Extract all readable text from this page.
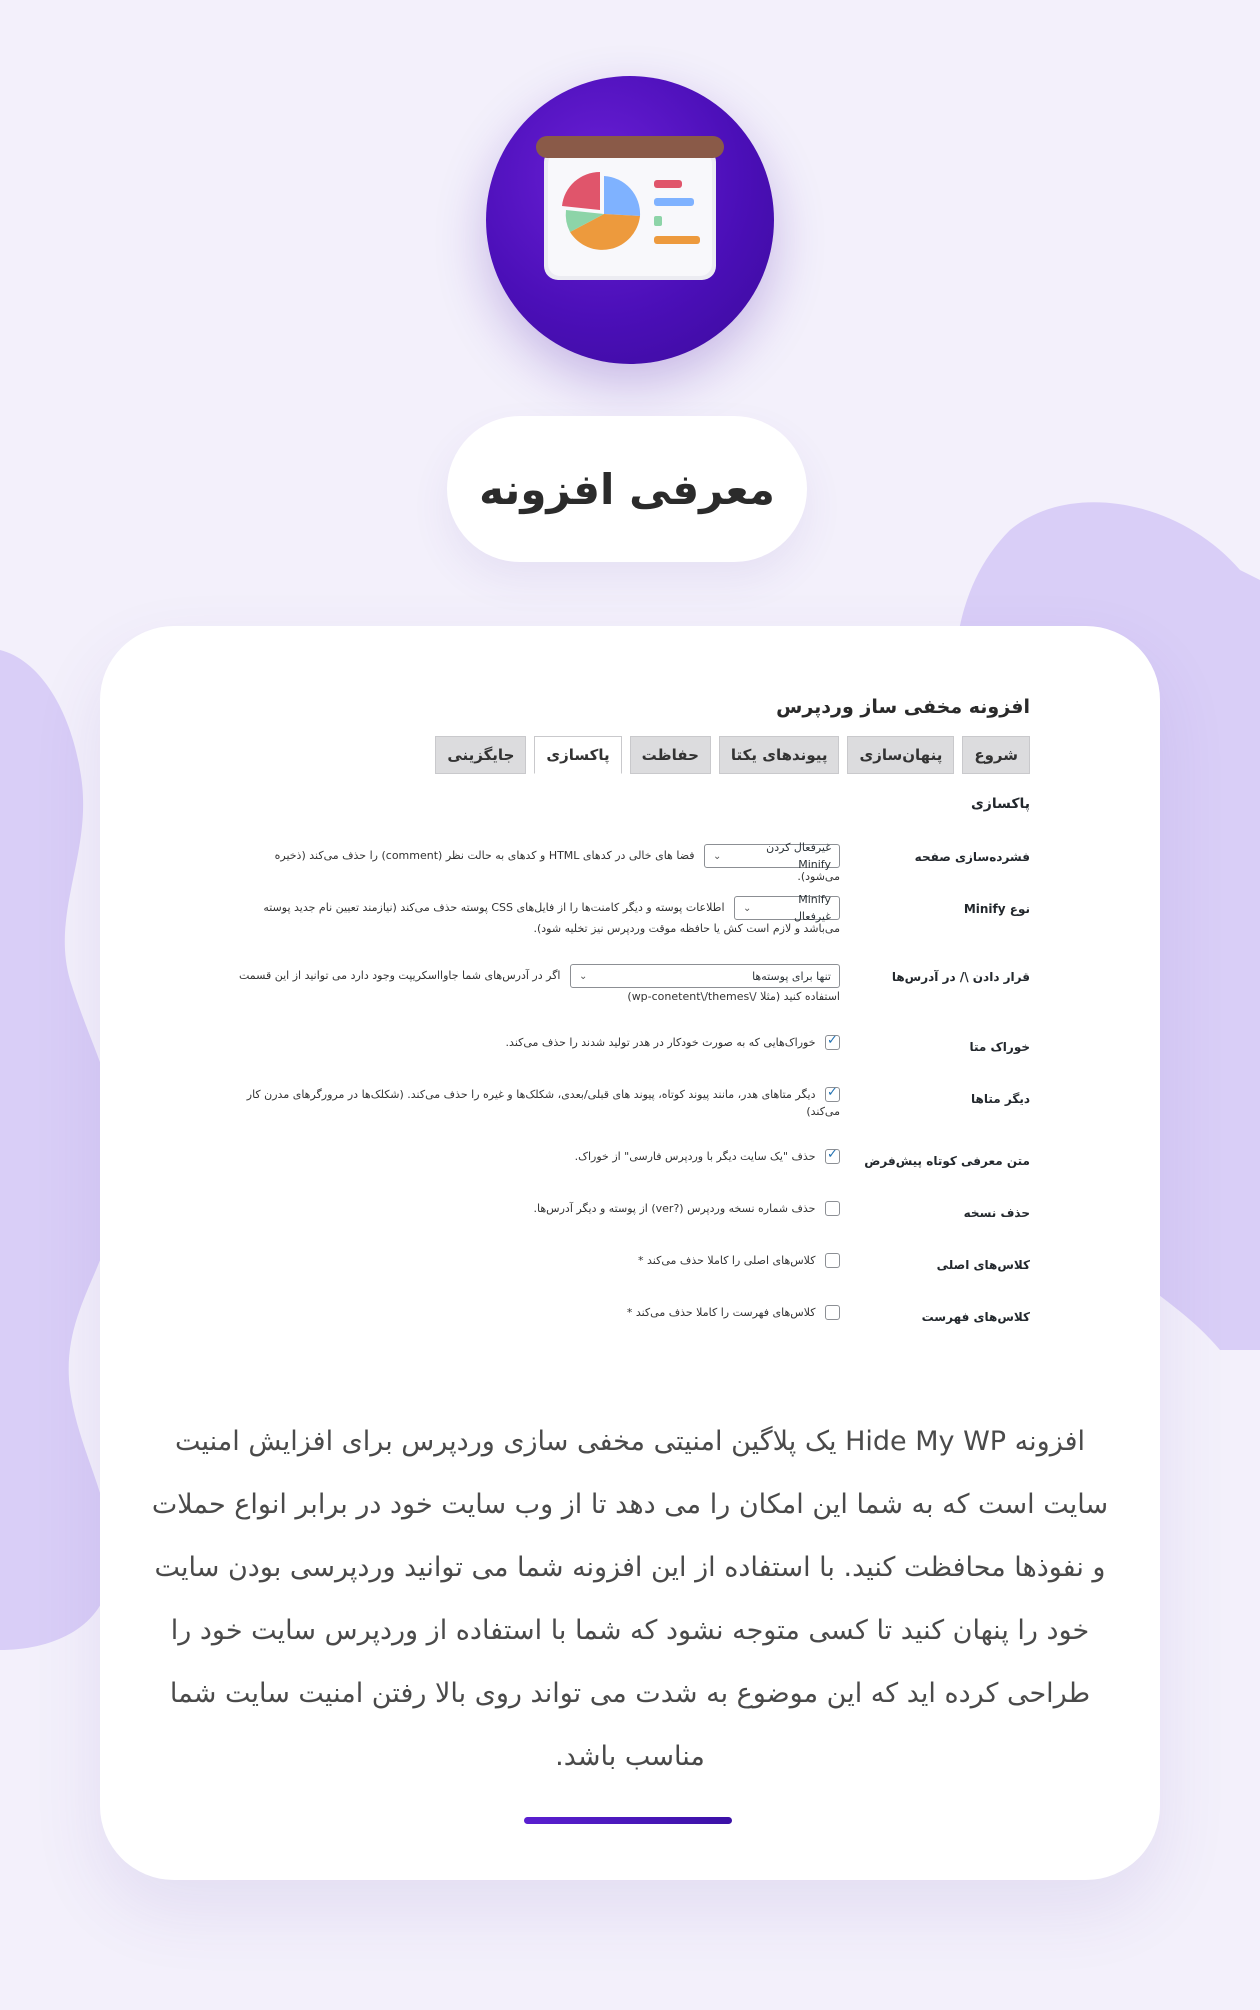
معرفی افزونه
افزونه مخفی ساز وردپرس
شروع
پنهان‌سازی
پیوندهای یکتا
حفاظت
پاکسازی
جایگزینی
پاکسازی
فشرده‌سازی صفحه
غیرفعال کردن Minify
⌄
فضا های خالی در کدهای HTML و کدهای به حالت نظر (comment) را حذف می‌کند (ذخیره می‌شود).
نوع Minify
Minify غیرفعال
⌄
اطلاعات پوسته و دیگر کامنت‌ها را از فایل‌های CSS پوسته حذف می‌کند (نیازمند تعیین نام جدید پوسته می‌باشد و لازم است کش یا حافظه موقت وردپرس نیز تخلیه شود).
قرار دادن ‎/\‎ در آدرس‌ها
تنها برای پوسته‌ها
⌄
اگر در آدرس‌های شما جاوااسکریپت وجود دارد می توانید از این قسمت استفاده کنید (مثلا ‎wp-conetent\/themes\/‎)
خوراک متا
✓ خوراک‌هایی که به صورت خودکار در هدر تولید شدند را حذف می‌کند.
دیگر متاها
✓ دیگر متاهای هدر، مانند پیوند کوتاه، پیوند های قبلی/بعدی، شکلک‌ها و غیره را حذف می‌کند. (شکلک‌ها در مرورگرهای مدرن کار می‌کند)
متن معرفی کوتاه پیش‌فرض
✓ حذف "یک سایت دیگر با وردپرس فارسی" از خوراک.
حذف نسخه
حذف شماره نسخه وردپرس (?ver) از پوسته و دیگر آدرس‌ها.
کلاس‌های اصلی
کلاس‌های اصلی را کاملا حذف می‌کند *
کلاس‌های فهرست
کلاس‌های فهرست را کاملا حذف می‌کند *
افزونه Hide My WP یک پلاگین امنیتی مخفی سازی وردپرس برای افزایش امنیت سایت است که به شما این امکان را می دهد تا از وب سایت خود در برابر انواع حملات و نفوذها محافظت کنید. با استفاده از این افزونه شما می توانید وردپرسی بودن سایت خود را پنهان کنید تا کسی متوجه نشود که شما با استفاده از وردپرس سایت خود را طراحی کرده اید که این موضوع به شدت می تواند روی بالا رفتن امنیت سایت شما مناسب باشد.
